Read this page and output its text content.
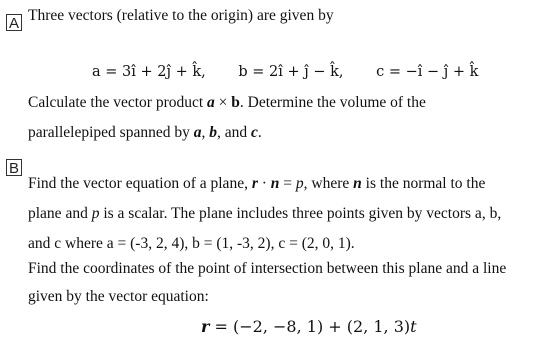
A Three vectors (relative to the origin) are given by
a = 3ı̂ + 2ȷ̂ + k̂, b = 2ı̂ + ȷ̂ − k̂, c = −ı̂ − ȷ̂ + k̂
Calculate the vector product a × b. Determine the volume of the
parallelepiped spanned by a, b, and c.
B
Find the vector equation of a plane, r · n = p, where n is the normal to the
plane and p is a scalar. The plane includes three points given by vectors a, b,
and c where a = (-3, 2, 4), b = (1, -3, 2), c = (2, 0, 1).
Find the coordinates of the point of intersection between this plane and a line
given by the vector equation:
r = (−2, −8, 1) + (2, 1, 3)t
